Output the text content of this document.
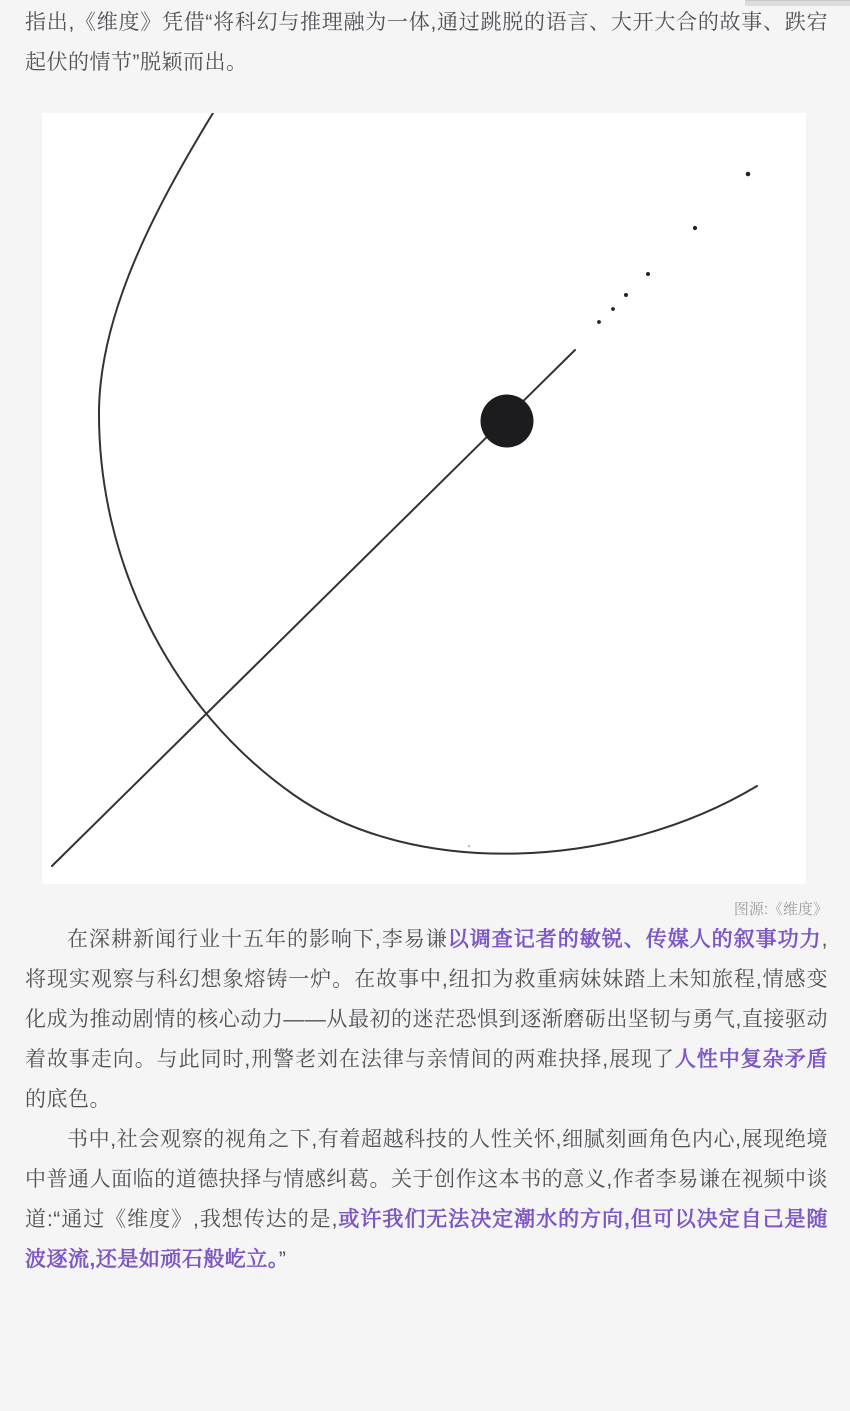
指出,《维度》凭借“将科幻与推理融为一体,通过跳脱的语言、大开大合的故事、跌宕起伏的情节”脱颖而出。

图源:《维度》

在深耕新闻行业十五年的影响下,李易谦以调查记者的敏锐、传媒人的叙事功力,将现实观察与科幻想象熔铸一炉。在故事中,纽扣为救重病妹妹踏上未知旅程,情感变化成为推动剧情的核心动力——从最初的迷茫恐惧到逐渐磨砺出坚韧与勇气,直接驱动着故事走向。与此同时,刑警老刘在法律与亲情间的两难抉择,展现了人性中复杂矛盾的底色。

书中,社会观察的视角之下,有着超越科技的人性关怀,细腻刻画角色内心,展现绝境中普通人面临的道德抉择与情感纠葛。关于创作这本书的意义,作者李易谦在视频中谈道:“通过《维度》,我想传达的是,或许我们无法决定潮水的方向,但可以决定自己是随波逐流,还是如顽石般屹立。”
